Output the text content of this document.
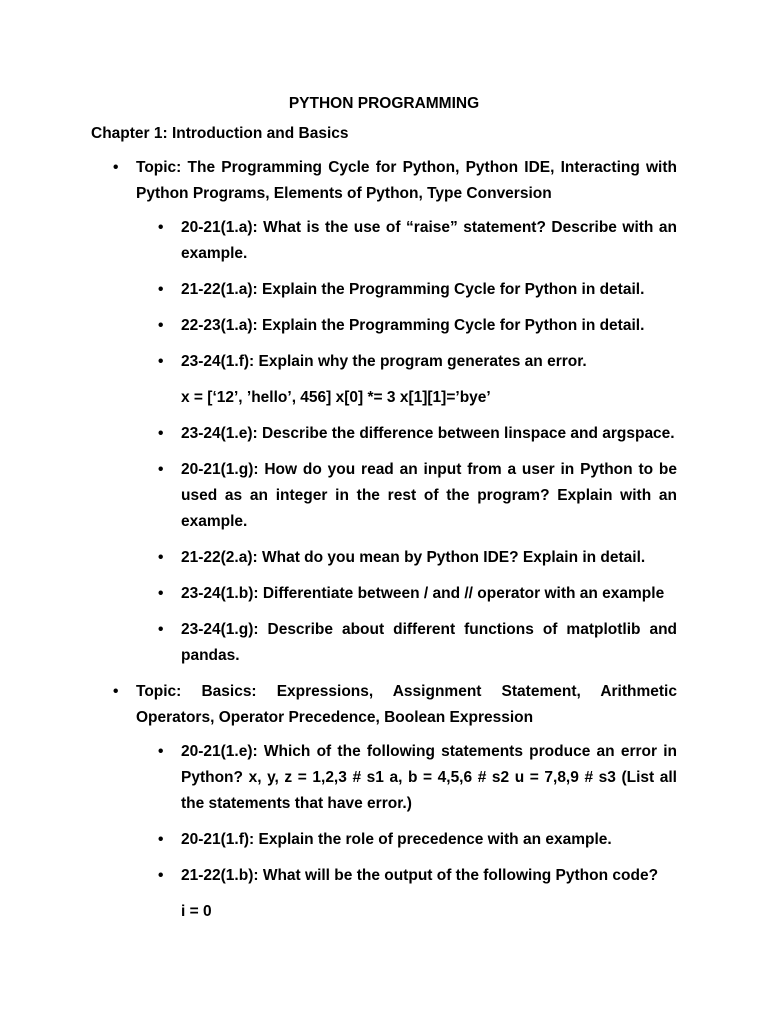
PYTHON PROGRAMMING
Chapter 1: Introduction and Basics
• Topic: The Programming Cycle for Python, Python IDE, Interacting with Python Programs, Elements of Python, Type Conversion
• 20-21(1.a): What is the use of “raise” statement? Describe with an example.
• 21-22(1.a): Explain the Programming Cycle for Python in detail.
• 22-23(1.a): Explain the Programming Cycle for Python in detail.
• 23-24(1.f): Explain why the program generates an error.
x = [‘12’, ’hello’, 456] x[0] *= 3 x[1][1]=’bye’
• 23-24(1.e): Describe the difference between linspace and argspace.
• 20-21(1.g): How do you read an input from a user in Python to be used as an integer in the rest of the program? Explain with an example.
• 21-22(2.a): What do you mean by Python IDE? Explain in detail.
• 23-24(1.b): Differentiate between / and // operator with an example
• 23-24(1.g): Describe about different functions of matplotlib and pandas.
• Topic: Basics: Expressions, Assignment Statement, Arithmetic Operators, Operator Precedence, Boolean Expression
• 20-21(1.e): Which of the following statements produce an error in Python? x, y, z = 1,2,3 # s1 a, b = 4,5,6 # s2 u = 7,8,9 # s3 (List all the statements that have error.)
• 20-21(1.f): Explain the role of precedence with an example.
• 21-22(1.b): What will be the output of the following Python code?
i = 0
